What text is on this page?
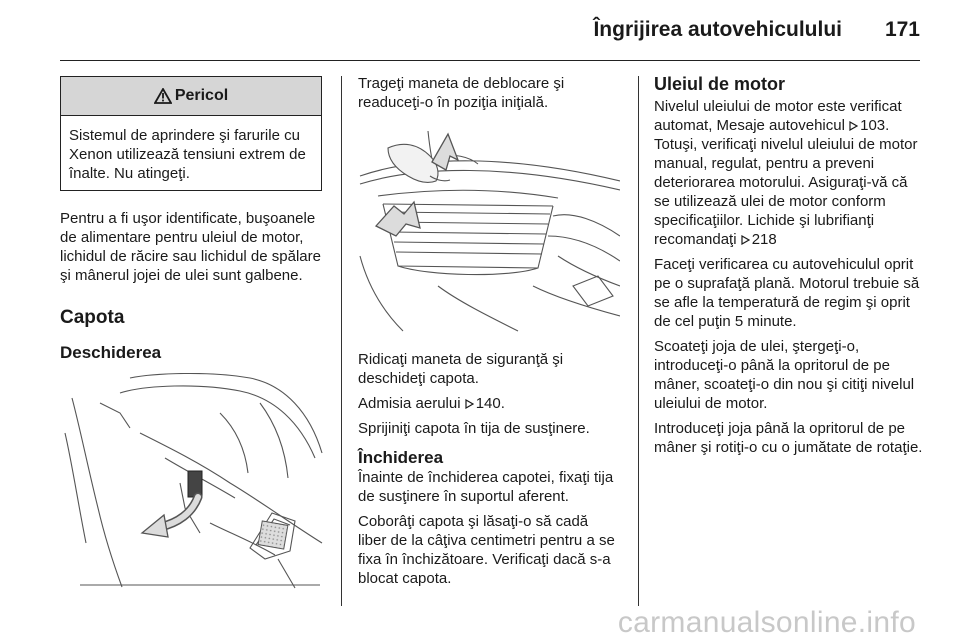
Îngrijirea autovehiculului 171
Pericol
Sistemul de aprindere şi farurile cu Xenon utilizează tensiuni extrem de înalte. Nu atingeţi.

Pentru a fi uşor identificate, buşoanele de alimentare pentru uleiul de motor, lichidul de răcire sau lichidul de spălare şi mânerul jojei de ulei sunt galbene.

Capota
Deschiderea

Trageţi maneta de deblocare şi readuceţi-o în poziţia iniţială.

Ridicaţi maneta de siguranţă şi deschideţi capota.

Admisia aerului 140.

Sprijiniţi capota în tija de susţinere.

Închiderea

Înainte de închiderea capotei, fixaţi tija de susţinere în suportul aferent.

Coborâţi capota şi lăsaţi-o să cadă liber de la câţiva centimetri pentru a se fixa în închizătoare. Verificaţi dacă s-a blocat capota.

Uleiul de motor

Nivelul uleiului de motor este verificat automat, Mesaje autovehicul 103. Totuşi, verificaţi nivelul uleiului de motor manual, regulat, pentru a preveni deteriorarea motorului. Asiguraţi-vă că se utilizează ulei de motor conform specificaţiilor. Lichide şi lubrifianţi recomandaţi 218

Faceţi verificarea cu autovehiculul oprit pe o suprafaţă plană. Motorul trebuie să se afle la temperatură de regim şi oprit de cel puţin 5 minute.

Scoateţi joja de ulei, ştergeţi-o, introduceţi-o până la opritorul de pe mâner, scoateţi-o din nou şi citiţi nivelul uleiului de motor.

Introduceţi joja până la opritorul de pe mâner şi rotiţi-o cu o jumătate de rotaţie.

carmanualsonline.info
